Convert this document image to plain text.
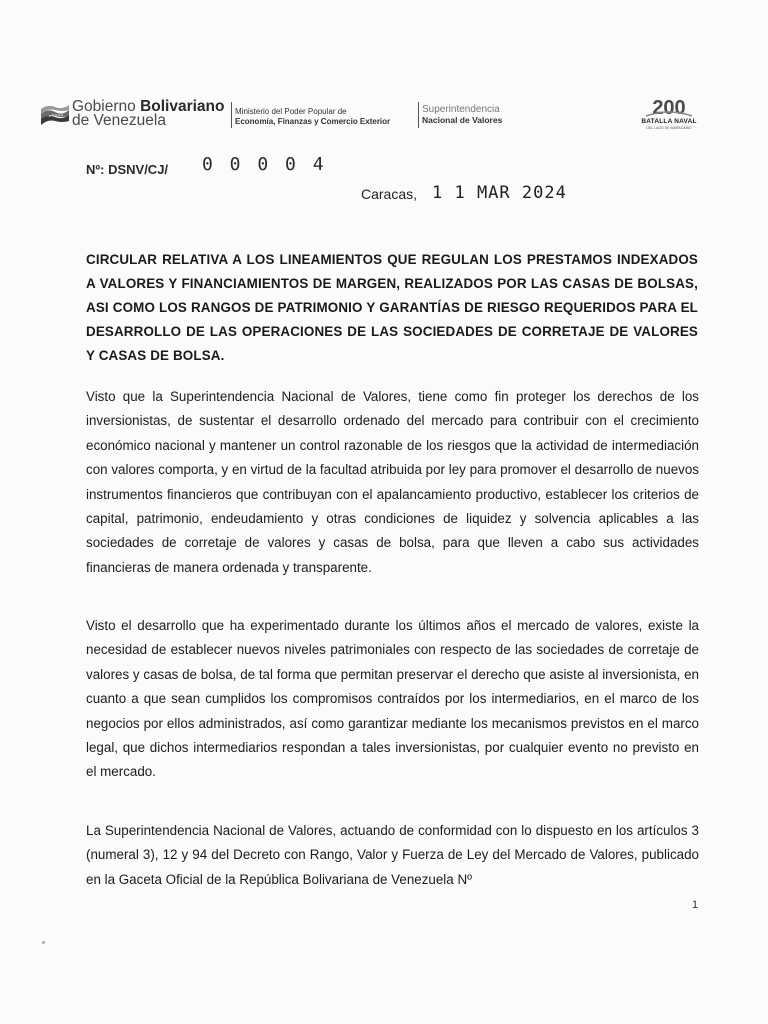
Gobierno Bolivariano
de Venezuela
Ministerio del Poder Popular de
Economía, Finanzas y Comercio Exterior
Superintendencia
Nacional de Valores
200
BATALLA NAVAL
DEL LAGO DE MARACAIBO
Nº: DSNV/CJ/ 0 0 0 0 4
Caracas, 1 1 MAR 2024
CIRCULAR RELATIVA A LOS LINEAMIENTOS QUE REGULAN LOS PRESTAMOS INDEXADOS A VALORES Y FINANCIAMIENTOS DE MARGEN, REALIZADOS POR LAS CASAS DE BOLSAS, ASI COMO LOS RANGOS DE PATRIMONIO Y GARANTÍAS DE RIESGO REQUERIDOS PARA EL DESARROLLO DE LAS OPERACIONES DE LAS SOCIEDADES DE CORRETAJE DE VALORES Y CASAS DE BOLSA.
Visto que la Superintendencia Nacional de Valores, tiene como fin proteger los derechos de los inversionistas, de sustentar el desarrollo ordenado del mercado para contribuir con el crecimiento económico nacional y mantener un control razonable de los riesgos que la actividad de intermediación con valores comporta, y en virtud de la facultad atribuida por ley para promover el desarrollo de nuevos instrumentos financieros que contribuyan con el apalancamiento productivo, establecer los criterios de capital, patrimonio, endeudamiento y otras condiciones de liquidez y solvencia aplicables a las sociedades de corretaje de valores y casas de bolsa, para que lleven a cabo sus actividades financieras de manera ordenada y transparente.
Visto el desarrollo que ha experimentado durante los últimos años el mercado de valores, existe la necesidad de establecer nuevos niveles patrimoniales con respecto de las sociedades de corretaje de valores y casas de bolsa, de tal forma que permitan preservar el derecho que asiste al inversionista, en cuanto a que sean cumplidos los compromisos contraídos por los intermediarios, en el marco de los negocios por ellos administrados, así como garantizar mediante los mecanismos previstos en el marco legal, que dichos intermediarios respondan a tales inversionistas, por cualquier evento no previsto en el mercado.
La Superintendencia Nacional de Valores, actuando de conformidad con lo dispuesto en los artículos 3 (numeral 3), 12 y 94 del Decreto con Rango, Valor y Fuerza de Ley del Mercado de Valores, publicado en la Gaceta Oficial de la República Bolivariana de Venezuela Nº
1
